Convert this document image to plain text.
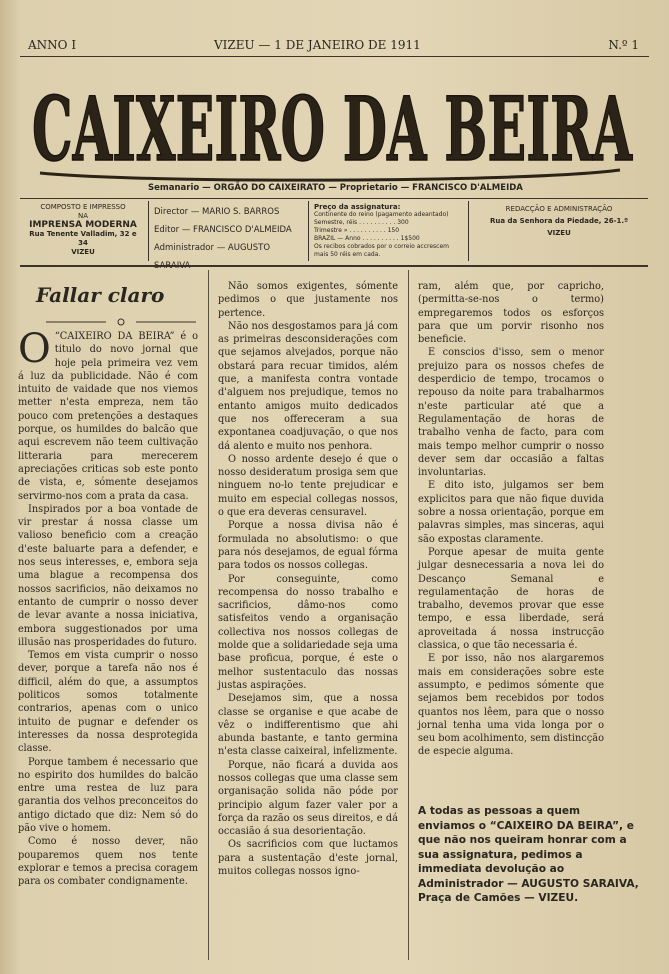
ANNO I	VIZEU — 1 DE JANEIRO DE 1911	N.º 1
CAIXEIRO DA BEIRA
Semanario — ORGÃO DO CAIXEIRATO — Proprietario — FRANCISCO D'ALMEIDA
COMPOSTO E IMPRESSO
NA
IMPRENSA MODERNA
Rua Tenente Valladim, 32 e 34
VIZEU
Director — MARIO S. BARROS
Editor — FRANCISCO D'ALMEIDA
Administrador — AUGUSTO SARAIVA
Preço da assignatura:
Continente do reino (pagamento adeantado)
Semestre, réis . . . . . . . . . . 300
Trimestre » . . . . . . . . . . 150
BRAZIL — Anno . . . . . . . . . . 1$500
Os recibos cobrados por o correio accrescem mais 50 réis em cada.
REDACÇÃO E ADMINISTRAÇÃO
Rua da Senhora da Piedade, 26-1.º
VIZEU
Fallar claro

O “CAIXEIRO DA BEIRA” é o titulo do novo jornal que hoje pela primeira vez vem á luz da publicidade. Não é com intuito de vaidade que nos viemos metter n'esta empreza, nem tão pouco com pretenções a destaques porque, os humildes do balcão que aqui escrevem não teem cultivação litteraria para merecerem apreciações criticas sob este ponto de vista, e, sómente desejamos servirmo-nos com a prata da casa.

Inspirados por a boa vontade de vir prestar á nossa classe um valioso beneficio com a creação d'este baluarte para a defender, e nos seus interesses, e, embora seja uma blague a recompensa dos nossos sacrificios, não deixamos no entanto de cumprir o nosso dever de levar avante a nossa iniciativa, embora suggestionados por uma illusão nas prosperidades do futuro.

Temos em vista cumprir o nosso dever, porque a tarefa não nos é difficil, além do que, a assumptos politicos somos totalmente contrarios, apenas com o unico intuito de pugnar e defender os interesses da nossa desprotegida classe.

Porque tambem é necessario que no espirito dos humildes do balcão entre uma restea de luz para garantia dos velhos preconceitos do antigo dictado que diz: Nem só do pão vive o homem.

Como é nosso dever, não pouparemos quem nos tente explorar e temos a precisa coragem para os combater condignamente.

Não somos exigentes, sómente pedimos o que justamente nos pertence.

Não nos desgostamos para já com as primeiras desconsiderações com que sejamos alvejados, porque não obstará para recuar timidos, além que, a manifesta contra vontade d'alguem nos prejudique, temos no entanto amigos muito dedicados que nos offereceram a sua expontanea coadjuvação, o que nos dá alento e muito nos penhora.

O nosso ardente desejo é que o nosso desideratum prosiga sem que ninguem no-lo tente prejudicar e muito em especial collegas nossos, o que era deveras censuravel.

Porque a nossa divisa não é formulada no absolutismo: o que para nós desejamos, de egual fórma para todos os nossos collegas.

Por conseguinte, como recompensa do nosso trabalho e sacrificios, dâmo-nos como satisfeitos vendo a organisação collectiva nos nossos collegas de molde que a solidariedade seja uma base proficua, porque, é este o melhor sustentaculo das nossas justas aspirações.

Desejamos sim, que a nossa classe se organise e que acabe de vêz o indifferentismo que ahi abunda bastante, e tanto germina n'esta classe caixeiral, infelizmente.

Porque, não ficará a duvida aos nossos collegas que uma classe sem organisação solida não póde por principio algum fazer valer por a força da razão os seus direitos, e dá occasião á sua desorientação.

Os sacrificios com que luctamos para a sustentação d'este jornal, muitos collegas nossos igno-

ram, além que, por capricho, (permitta-se-nos o termo) empregaremos todos os esforços para que um porvir risonho nos beneficie.

E conscios d'isso, sem o menor prejuizo para os nossos chefes de desperdicio de tempo, trocamos o repouso da noite para trabalharmos n'este particular até que a Regulamentação de horas de trabalho venha de facto, para com mais tempo melhor cumprir o nosso dever sem dar occasião a faltas involuntarias.

E dito isto, julgamos ser bem explicitos para que não fique duvida sobre a nossa orientação, porque em palavras simples, mas sinceras, aqui são expostas claramente.

Porque apesar de muita gente julgar desnecessaria a nova lei do Descanço Semanal e regulamentação de horas de trabalho, devemos provar que esse tempo, e essa liberdade, será aproveitada á nossa instrucção classica, o que tão necessaria é.

E por isso, não nos alargaremos mais em considerações sobre este assumpto, e pedimos sómente que sejamos bem recebidos por todos quantos nos lêem, para que o nosso jornal tenha uma vida longa por o seu bom acolhimento, sem distincção de especie alguma.

A todas as pessoas a quem enviamos o “CAIXEIRO DA BEIRA”, e que não nos queiram honrar com a sua assignatura, pedimos a immediata devolução ao Administrador — AUGUSTO SARAIVA, Praça de Camões — VIZEU.
